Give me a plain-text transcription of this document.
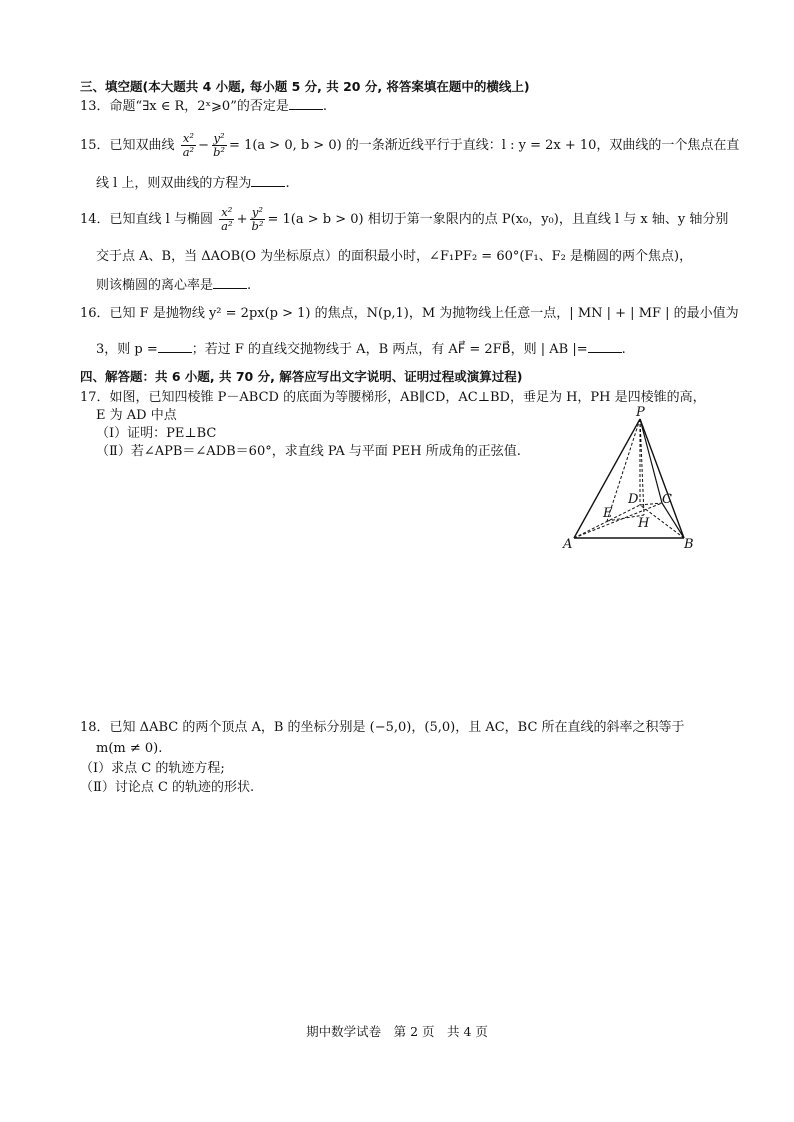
三、填空题(本大题共 4 小题, 每小题 5 分, 共 20 分, 将答案填在题中的横线上)
13．命题“∃x ∈ R，2ˣ⩾0”的否定是	.
15．已知双曲线 $\frac{\text{x²}}{\text{a²}} - \frac{\text{y²}}{\text{b²}} = 1(a > 0$, b > 0) 的一条渐近线平行于直线：l : y = 2x + 10，双曲线的一个焦点在直
线 l 上，则双曲线的方程为	.
14．已知直线 l 与椭圆 $\frac{\text{x²}}{\text{a²}} + \frac{\text{y²}}{\text{b²}} = 1(a > b > 0)$ 相切于第一象限内的点 P(x₀，y₀)，且直线 l 与 x 轴、y 轴分别
交于点 A、B，当 ΔAOB(O 为坐标原点）的面积最小时，∠F₁PF₂ = 60°(F₁、F₂ 是椭圆的两个焦点)，
则该椭圆的离心率是	.
16．已知 F 是抛物线 y² = 2px(p > 1) 的焦点，N(p,1)，M 为抛物线上任意一点，| MN | + | MF | 的最小值为
3，则 p =	；若过 F 的直线交抛物线于 A，B 两点，有 AF⃗ = 2FB⃗，则 | AB |=	.
四、解答题：共 6 小题, 共 70 分, 解答应写出文字说明、证明过程或演算过程)
17．如图，已知四棱锥 P－ABCD 的底面为等腰梯形，AB∥CD，AC⊥BD，垂足为 H，PH 是四棱锥的高，
E 为 AD 中点
（Ⅰ）证明：PE⊥BC
（Ⅱ）若∠APB＝∠ADB＝60°，求直线 PA 与平面 PEH 所成角的正弦值.
P
A	B
C
D
E
H
18．已知 ΔABC 的两个顶点 A，B 的坐标分别是 (−5,0)，(5,0)，且 AC，BC 所在直线的斜率之积等于
m(m ≠ 0).
（Ⅰ）求点 C 的轨迹方程;
（Ⅱ）讨论点 C 的轨迹的形状.
期中数学试卷　第 2 页　共 4 页
